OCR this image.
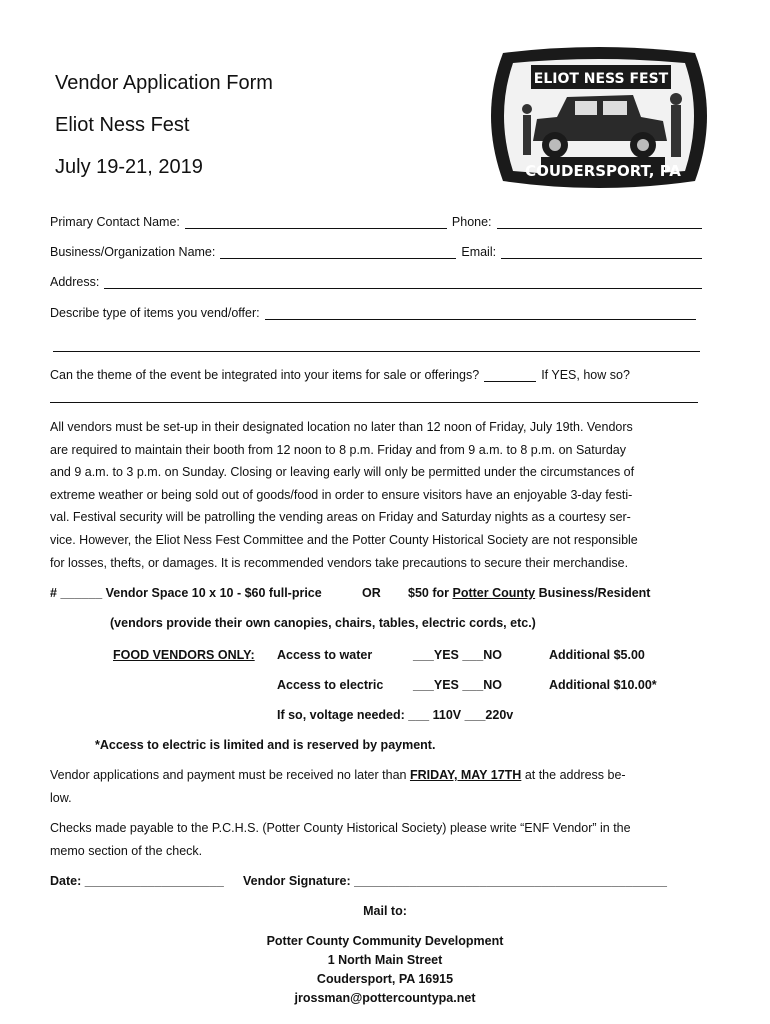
Vendor Application Form
Eliot Ness Fest
July 19-21, 2019
ELIOT NESS FEST
COUDERSPORT, PA
Primary Contact Name:	Phone:
Business/Organization Name:	Email:
Address:
Describe type of items you vend/offer:
Can the theme of the event be integrated into your items for sale or offerings?	If YES, how so?
All vendors must be set-up in their designated location no later than 12 noon of Friday, July 19th. Vendors
are required to maintain their booth from 12 noon to 8 p.m. Friday and from 9 a.m. to 8 p.m. on Saturday
and 9 a.m. to 3 p.m. on Sunday. Closing or leaving early will only be permitted under the circumstances of
extreme weather or being sold out of goods/food in order to ensure visitors have an enjoyable 3-day festi-
val. Festival security will be patrolling the vending areas on Friday and Saturday nights as a courtesy ser-
vice. However, the Eliot Ness Fest Committee and the Potter County Historical Society are not responsible
for losses, thefts, or damages. It is recommended vendors take precautions to secure their merchandise.
# ______ Vendor Space 10 x 10 - $60 full-price	OR $50 for Potter County Business/Resident
(vendors provide their own canopies, chairs, tables, electric cords, etc.)
FOOD VENDORS ONLY: Access to water	___YES ___NO	Additional $5.00
Access to electric ___YES ___NO	Additional $10.00*
If so, voltage needed: ___ 110V ___220v
*Access to electric is limited and is reserved by payment.
Vendor applications and payment must be received no later than FRIDAY, MAY 17TH at the address be-
low.
Checks made payable to the P.C.H.S. (Potter County Historical Society) please write “ENF Vendor” in the
memo section of the check.
Date: ____________________ Vendor Signature: _____________________________________________
Mail to:
Potter County Community Development
1 North Main Street
Coudersport, PA 16915
jrossman@pottercountypa.net
